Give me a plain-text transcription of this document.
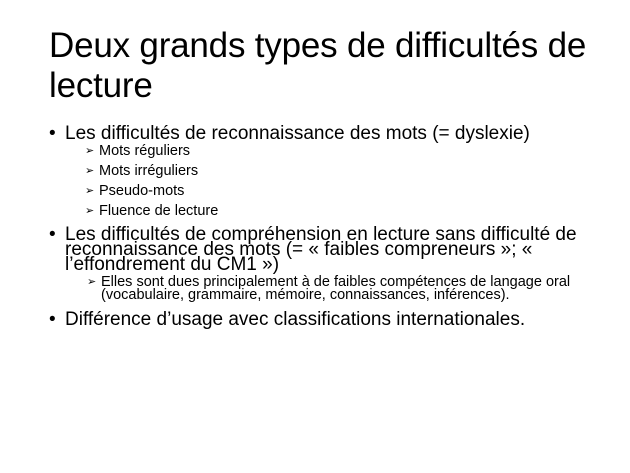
Deux grands types de difficultés de lecture
• Les difficultés de reconnaissance des mots (= dyslexie)
➢ Mots réguliers
➢ Mots irréguliers
➢ Pseudo-mots
➢ Fluence de lecture
• Les difficultés de compréhension en lecture sans difficulté de reconnaissance des mots (= « faibles compreneurs »; « l’effondrement du CM1 »)
➢ Elles sont dues principalement à de faibles compétences de langage oral (vocabulaire, grammaire, mémoire, connaissances, inférences).
• Différence d’usage avec classifications internationales.
